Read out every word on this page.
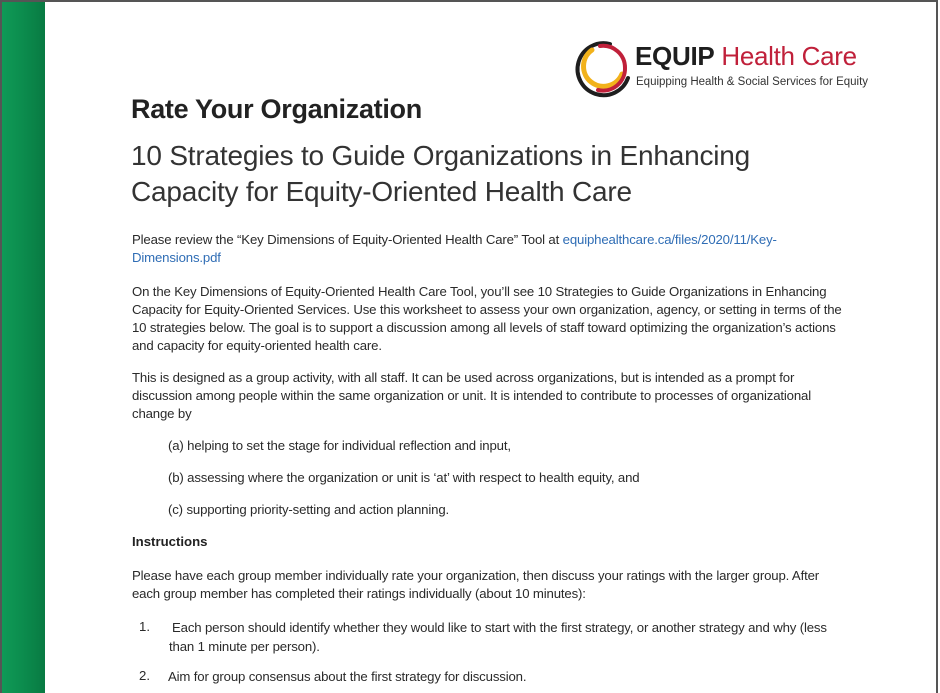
EQUIP Health Care
Equipping Health & Social Services for Equity
Rate Your Organization
10 Strategies to Guide Organizations in Enhancing Capacity for Equity-Oriented Health Care
Please review the “Key Dimensions of Equity-Oriented Health Care” Tool at equiphealthcare.ca/files/2020/11/Key-Dimensions.pdf
On the Key Dimensions of Equity-Oriented Health Care Tool, you’ll see 10 Strategies to Guide Organizations in Enhancing Capacity for Equity-Oriented Services. Use this worksheet to assess your own organization, agency, or setting in terms of the 10 strategies below. The goal is to support a discussion among all levels of staff toward optimizing the organization’s actions and capacity for equity-oriented health care.
This is designed as a group activity, with all staff. It can be used across organizations, but is intended as a prompt for discussion among people within the same organization or unit. It is intended to contribute to processes of organizational change by
(a) helping to set the stage for individual reflection and input,
(b) assessing where the organization or unit is ‘at’ with respect to health equity, and
(c) supporting priority-setting and action planning.
Instructions
Please have each group member individually rate your organization, then discuss your ratings with the larger group. After each group member has completed their ratings individually (about 10 minutes):
1. Each person should identify whether they would like to start with the first strategy, or another strategy and why (less than 1 minute per person).
2. Aim for group consensus about the first strategy for discussion.
